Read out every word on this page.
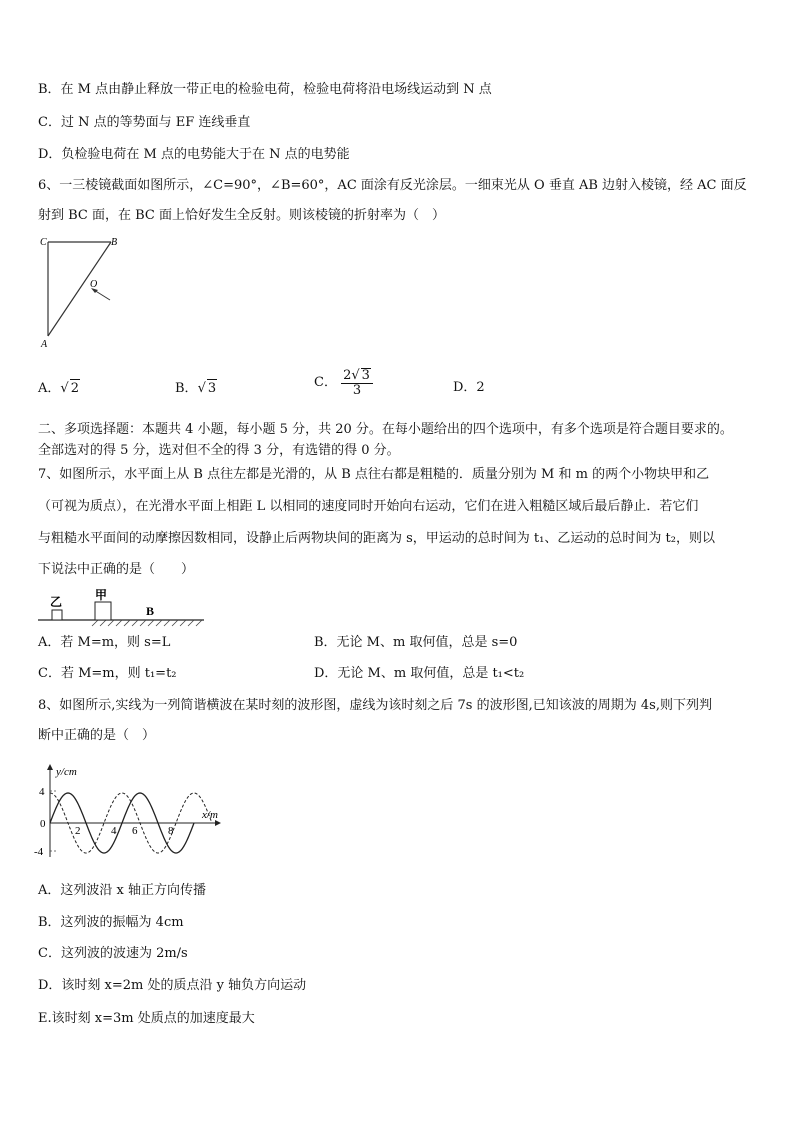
B．在 M 点由静止释放一带正电的检验电荷，检验电荷将沿电场线运动到 N 点
C．过 N 点的等势面与 EF 连线垂直
D．负检验电荷在 M 点的电势能大于在 N 点的电势能
6、一三棱镜截面如图所示，∠C=90°，∠B=60°，AC 面涂有反光涂层。一细束光从 O 垂直 AB 边射入棱镜，经 AC 面反
射到 BC 面，在 BC 面上恰好发生全反射。则该棱镜的折射率为（　）
C	B
O
A
A．√ 2	B．√ 3	C． $\frac{2√ 3}{3}$	D．2
二、多项选择题：本题共 4 小题，每小题 5 分，共 20 分。在每小题给出的四个选项中，有多个选项是符合题目要求的。
全部选对的得 5 分，选对但不全的得 3 分，有选错的得 0 分。
7、如图所示，水平面上从 B 点往左都是光滑的，从 B 点往右都是粗糙的．质量分别为 M 和 m 的两个小物块甲和乙
（可视为质点），在光滑水平面上相距 L 以相同的速度同时开始向右运动，它们在进入粗糙区域后最后静止．若它们
与粗糙水平面间的动摩擦因数相同，设静止后两物块间的距离为 s，甲运动的总时间为 t₁、乙运动的总时间为 t₂，则以
下说法中正确的是（　　）
乙	甲
B
A．若 M=m，则 s=L	B．无论 M、m 取何值，总是 s=0
C．若 M=m，则 t₁=t₂	D．无论 M、m 取何值，总是 t₁<t₂
8、如图所示,实线为一列简谐横波在某时刻的波形图，虚线为该时刻之后 7s 的波形图,已知该波的周期为 4s,则下列判
断中正确的是（　）
y/cm
x/m
4
0
-4
2	4 6	8
A．这列波沿 x 轴正方向传播
B．这列波的振幅为 4cm
C．这列波的波速为 2m/s
D．该时刻 x=2m 处的质点沿 y 轴负方向运动
E.该时刻 x=3m 处质点的加速度最大
